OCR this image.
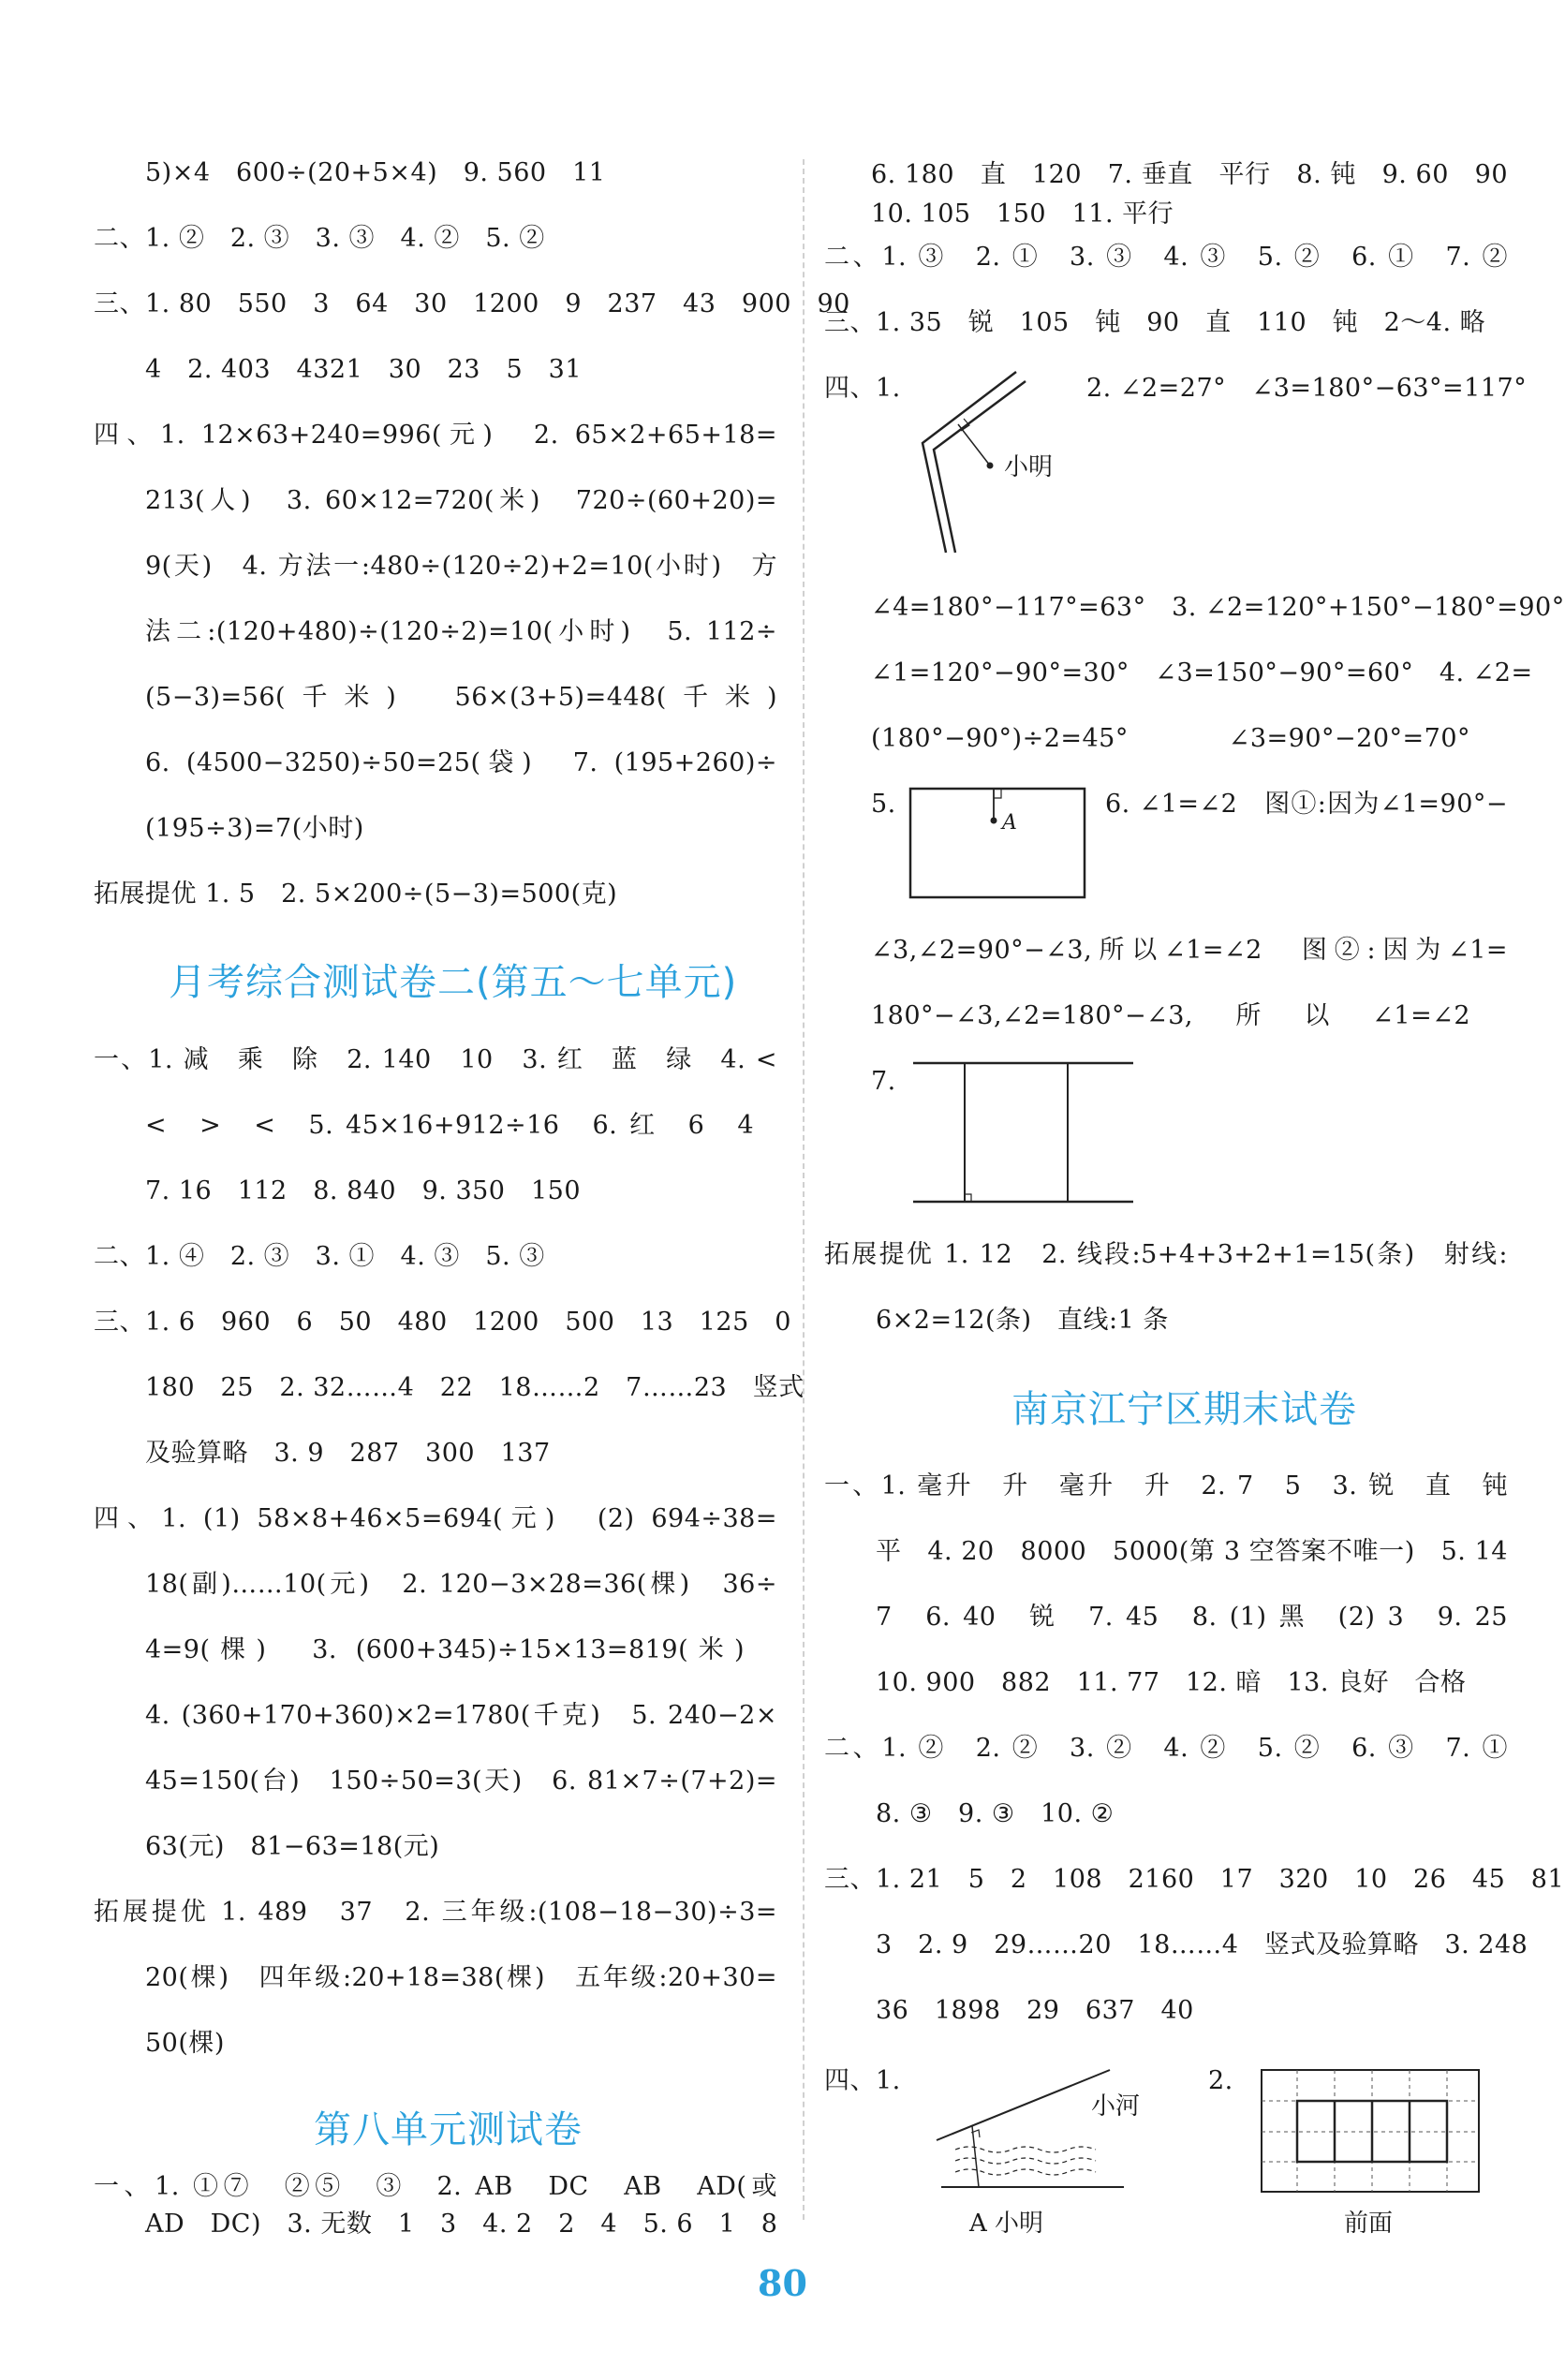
5)×4　600÷(20+5×4)　9. 560　11
二、1. ②　2. ③　3. ③　4. ②　5. ②
三、1. 80　550　3　64　30　1200　9　237　43　900　90
4　2. 403　4321　30　23　5　31
四、1. 12×63+240=996(元)　2. 65×2+65+18=
213(人)　3. 60×12=720(米)　720÷(60+20)=
9(天)　4. 方法一:480÷(120÷2)+2=10(小时)　方
法二:(120+480)÷(120÷2)=10(小时)　5. 112÷
(5−3)=56(千米)　56×(3+5)=448(千米)
6. (4500−3250)÷50=25(袋)　7. (195+260)÷
(195÷3)=7(小时)
拓展提优 1. 5　2. 5×200÷(5−3)=500(克)
月考综合测试卷二(第五～七单元)
一、1. 减　乘　除　2. 140　10　3. 红　蓝　绿　4. <
<　>　<　5. 45×16+912÷16　6. 红　6　4
7. 16　112　8. 840　9. 350　150
二、1. ④　2. ③　3. ①　4. ③　5. ③
三、1. 6　960　6　50　480　1200　500　13　125　0
180　25　2. 32……4　22　18……2　7……23　竖式
及验算略　3. 9　287　300　137
四、1. (1) 58×8+46×5=694(元)　(2) 694÷38=
18(副)……10(元)　2. 120−3×28=36(棵)　36÷
4=9(棵)　3. (600+345)÷15×13=819(米)
4. (360+170+360)×2=1780(千克)　5. 240−2×
45=150(台)　150÷50=3(天)　6. 81×7÷(7+2)=
63(元)　81−63=18(元)
拓展提优 1. 489　37　2. 三年级:(108−18−30)÷3=
20(棵)　四年级:20+18=38(棵)　五年级:20+30=
50(棵)
第八单元测试卷
一、1. ①⑦　②⑤　③　2. AB　DC　AB　AD(或
AD　DC)　3. 无数　1　3　4. 2　2　4　5. 6　1　8
6. 180　直　120　7. 垂直　平行　8. 钝　9. 60　90
10. 105　150　11. 平行
二、1. ③　2. ①　3. ③　4. ③　5. ②　6. ①　7. ②
三、1. 35　锐　105　钝　90　直　110　钝　2～4. 略
四、1.	2. ∠2=27°　∠3=180°−63°=117°
小明
∠4=180°−117°=63°　3. ∠2=120°+150°−180°=90°
∠1=120°−90°=30°　∠3=150°−90°=60°　4. ∠2=
(180°−90°)÷2=45°　∠3=90°−20°=70°
5.
A
6. ∠1=∠2　图①:因为∠1=90°−
∠3,∠2=90°−∠3,所以∠1=∠2　图②:因为∠1=
180°−∠3,∠2=180°−∠3,所以∠1=∠2
7.
拓展提优 1. 12　2. 线段:5+4+3+2+1=15(条)　射线:
6×2=12(条)　直线:1 条
南京江宁区期末试卷
一、1. 毫升　升　毫升　升　2. 7　5　3. 锐　直　钝
平　4. 20　8000　5000(第 3 空答案不唯一)　5. 14
7　6. 40　锐　7. 45　8. (1) 黑　(2) 3　9. 25
10. 900　882　11. 77　12. 暗　13. 良好　合格
二、1. ②　2. ②　3. ②　4. ②　5. ②　6. ③　7. ①
8. ③　9. ③　10. ②
三、1. 21　5　2　108　2160　17　320　10　26　45　81
3　2. 9　29……20　18……4　竖式及验算略　3. 248
36　1898　29　637　40
四、1.
小河
A 小明
2.
前面
80
